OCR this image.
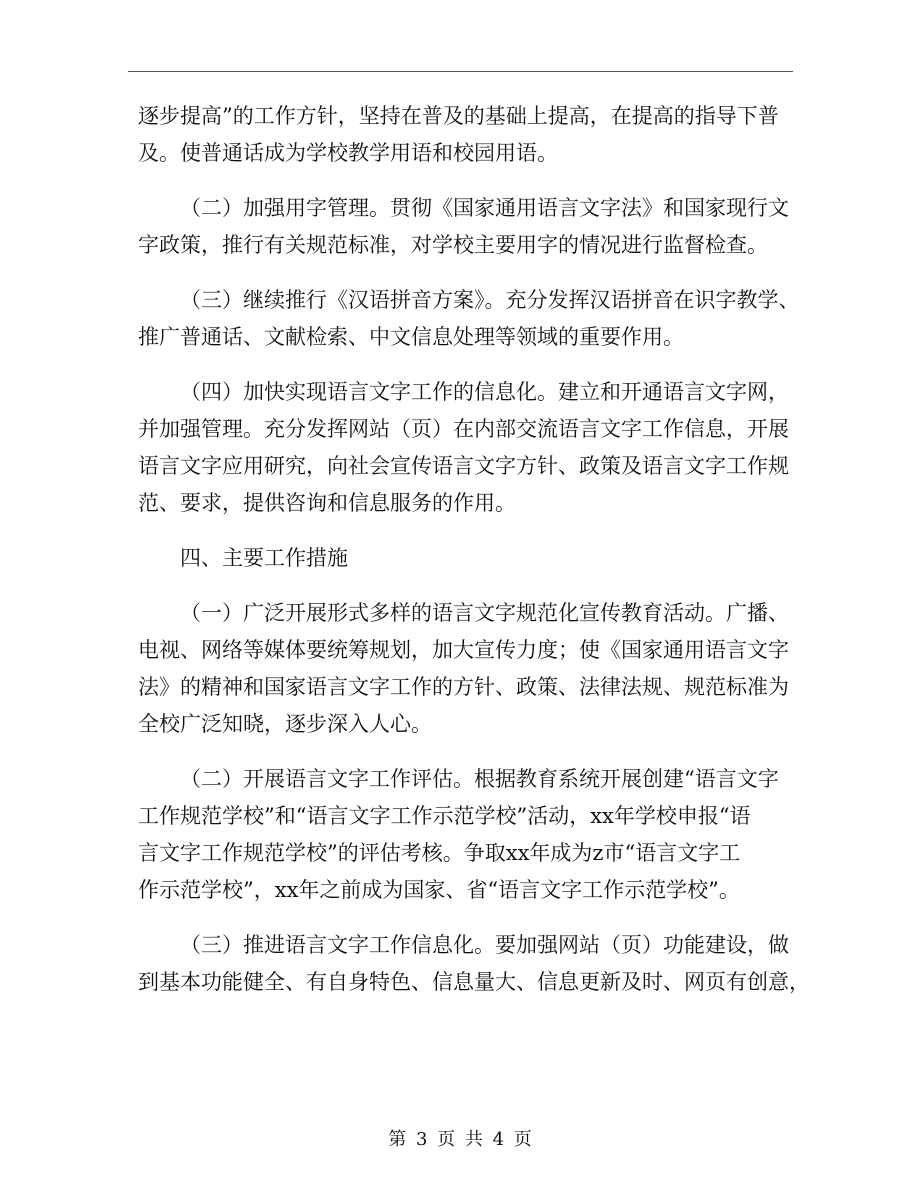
逐步提高”的工作方针，坚持在普及的基础上提高，在提高的指导下普
及。使普通话成为学校教学用语和校园用语。
（二）加强用字管理。贯彻《国家通用语言文字法》和国家现行文
字政策，推行有关规范标准，对学校主要用字的情况进行监督检查。
（三）继续推行《汉语拼音方案》。充分发挥汉语拼音在识字教学、
推广普通话、文献检索、中文信息处理等领域的重要作用。
（四）加快实现语言文字工作的信息化。建立和开通语言文字网，
并加强管理。充分发挥网站（页）在内部交流语言文字工作信息，开展
语言文字应用研究，向社会宣传语言文字方针、政策及语言文字工作规
范、要求，提供咨询和信息服务的作用。
四、主要工作措施
（一）广泛开展形式多样的语言文字规范化宣传教育活动。广播、
电视、网络等媒体要统筹规划，加大宣传力度；使《国家通用语言文字
法》的精神和国家语言文字工作的方针、政策、法律法规、规范标准为
全校广泛知晓，逐步深入人心。
（二）开展语言文字工作评估。根据教育系统开展创建“语言文字
工作规范学校”和“语言文字工作示范学校”活动，xx年学校申报“语
言文字工作规范学校”的评估考核。争取xx年成为z市“语言文字工
作示范学校”，xx年之前成为国家、省“语言文字工作示范学校”。
（三）推进语言文字工作信息化。要加强网站（页）功能建设，做
到基本功能健全、有自身特色、信息量大、信息更新及时、网页有创意，
第 3 页 共 4 页
